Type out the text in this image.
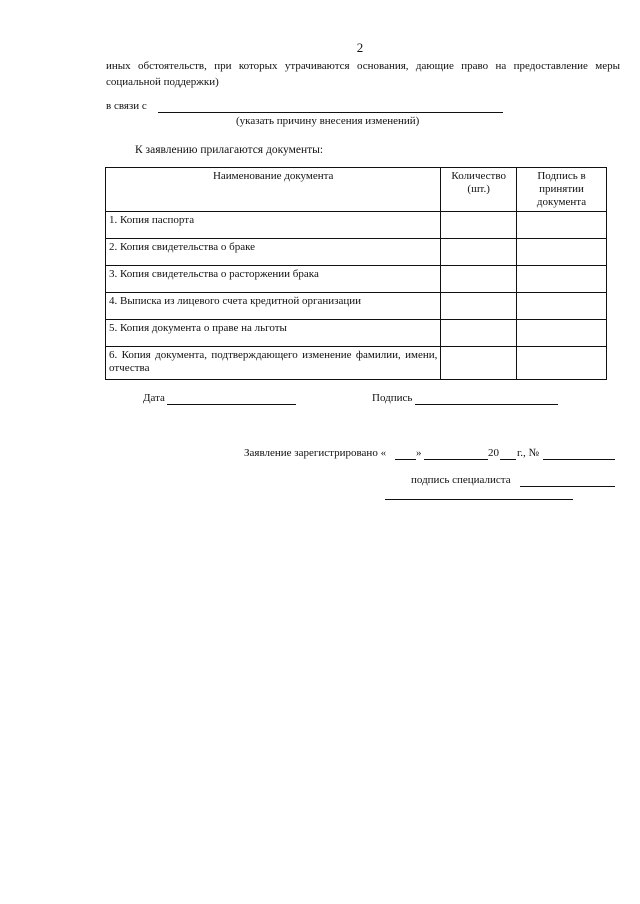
2
иных обстоятельств, при которых утрачиваются основания, дающие право на предоставление меры социальной поддержки)
в связи с
(указать причину внесения изменений)
К заявлению прилагаются документы:
Наименование документа	Количество (шт.)	Подпись в принятии документа
1. Копия паспорта		
2. Копия свидетельства о браке		
3. Копия свидетельства о расторжении брака		
4. Выписка из лицевого счета кредитной организации		
5. Копия документа о праве на льготы		
6. Копия документа, подтверждающего изменение фамилии, имени, отчества		
Дата	Подпись
Заявление зарегистрировано «	»	20 г., №
подпись специалиста
